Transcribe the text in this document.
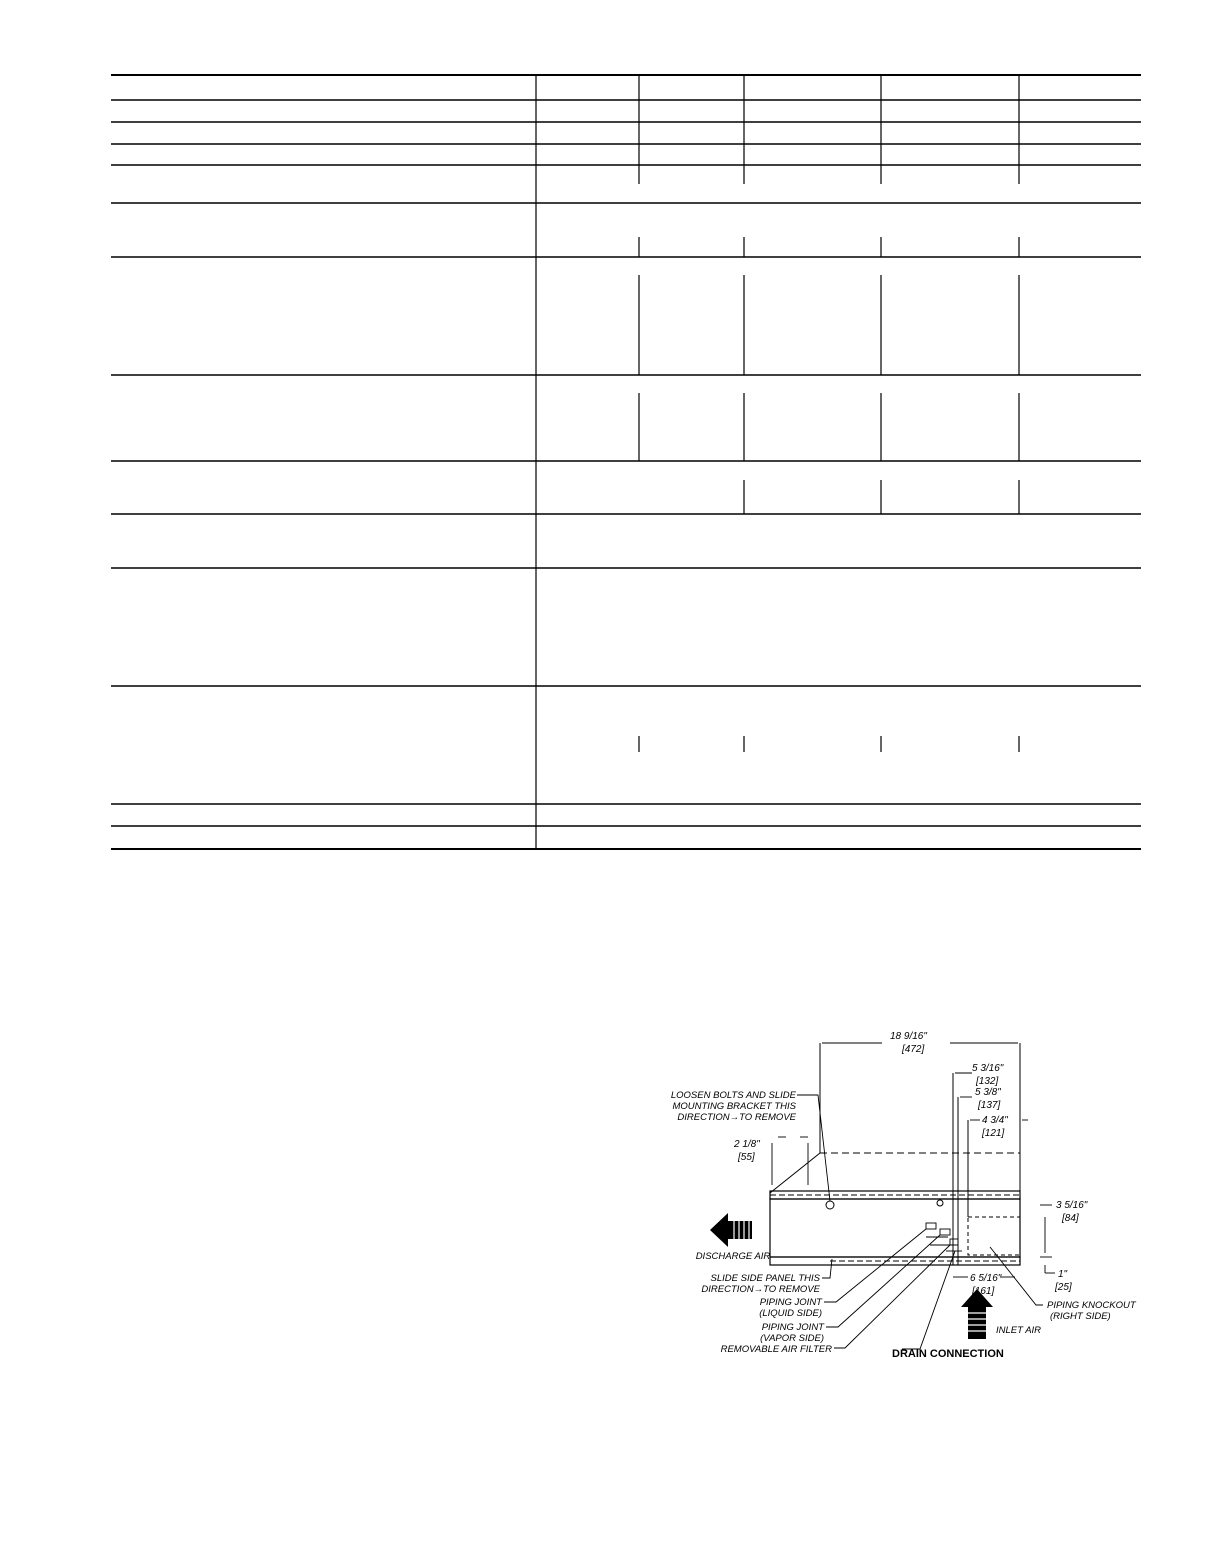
18 9/16"
[472]
5 3/16"
[132]
5 3/8"
[137]
4 3/4"
[121]
2 1/8"
[55]
3 5/16"
[84]
1"
[25]
6 5/16"
[161]
LOOSEN BOLTS AND SLIDE
MOUNTING BRACKET THIS
DIRECTION→TO REMOVE
DISCHARGE AIR
SLIDE SIDE PANEL THIS
DIRECTION→TO REMOVE
PIPING JOINT
(LIQUID SIDE)
PIPING JOINT
(VAPOR SIDE)
REMOVABLE AIR FILTER	DRAIN CONNECTION
INLET AIR
PIPING KNOCKOUT
(RIGHT SIDE)
